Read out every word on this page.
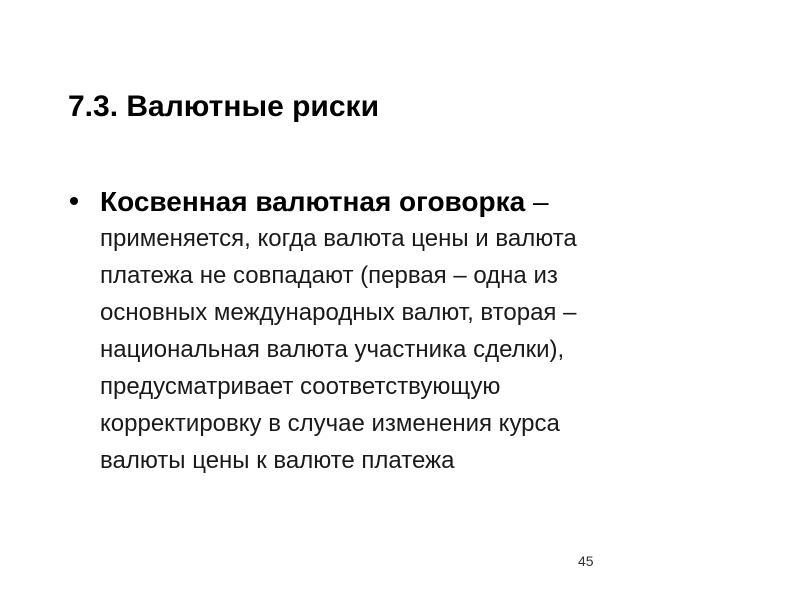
7.3. Валютные риски
Косвенная валютная оговорка –
применяется, когда валюта цены и валюта
платежа не совпадают (первая – одна из
основных международных валют, вторая –
национальная валюта участника сделки),
предусматривает соответствующую
корректировку в случае изменения курса
валюты цены к валюте платежа
45
